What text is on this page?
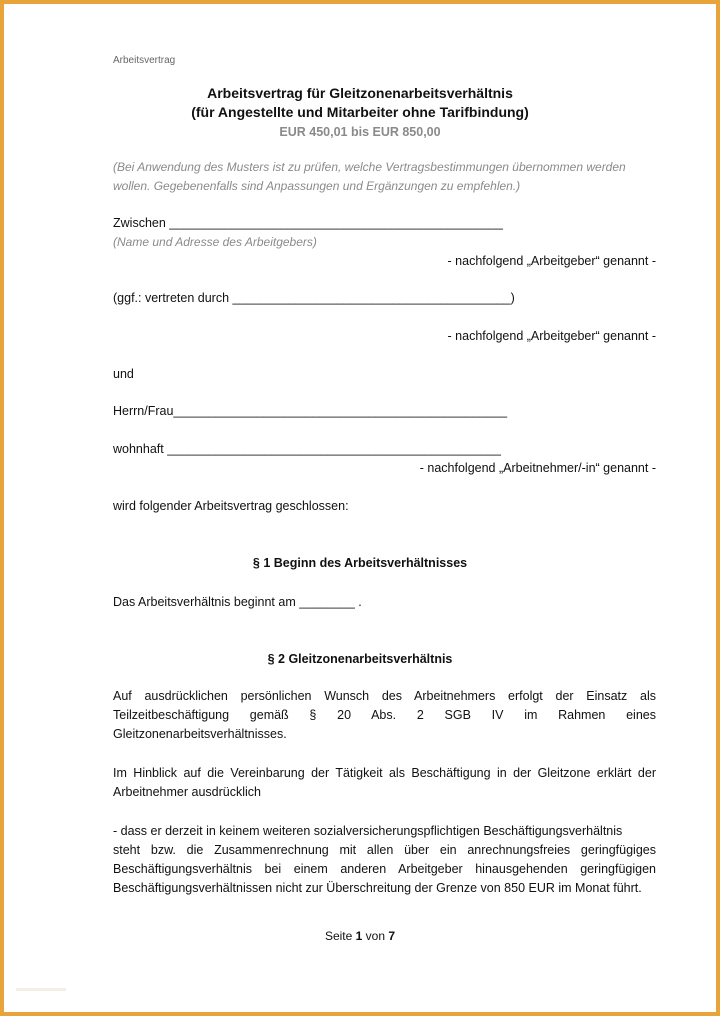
Arbeitsvertrag
Arbeitsvertrag für Gleitzonenarbeitsverhältnis
(für Angestellte und Mitarbeiter ohne Tarifbindung)
EUR 450,01 bis EUR 850,00
(Bei Anwendung des Musters ist zu prüfen, welche Vertragsbestimmungen übernommen werden
wollen. Gegebenenfalls sind Anpassungen und Ergänzungen zu empfehlen.)
Zwischen ________________________________________________
(Name und Adresse des Arbeitgebers)
- nachfolgend „Arbeitgeber“ genannt -
(ggf.: vertreten durch ________________________________________)
- nachfolgend „Arbeitgeber“ genannt -
und
Herrn/Frau________________________________________________
wohnhaft ________________________________________________
- nachfolgend „Arbeitnehmer/-in“ genannt -
wird folgender Arbeitsvertrag geschlossen:
§ 1 Beginn des Arbeitsverhältnisses
Das Arbeitsverhältnis beginnt am ________ .
§ 2 Gleitzonenarbeitsverhältnis
Auf ausdrücklichen persönlichen Wunsch des Arbeitnehmers erfolgt der Einsatz als
Teilzeitbeschäftigung gemäß § 20 Abs. 2 SGB IV im Rahmen eines
Gleitzonenarbeitsverhältnisses.
Im Hinblick auf die Vereinbarung der Tätigkeit als Beschäftigung in der Gleitzone erklärt der
Arbeitnehmer ausdrücklich
- dass er derzeit in keinem weiteren sozialversicherungspflichtigen Beschäftigungsverhältnis
steht bzw. die Zusammenrechnung mit allen über ein anrechnungsfreies geringfügiges
Beschäftigungsverhältnis bei einem anderen Arbeitgeber hinausgehenden geringfügigen
Beschäftigungsverhältnissen nicht zur Überschreitung der Grenze von 850 EUR im Monat führt.
Seite 1 von 7
